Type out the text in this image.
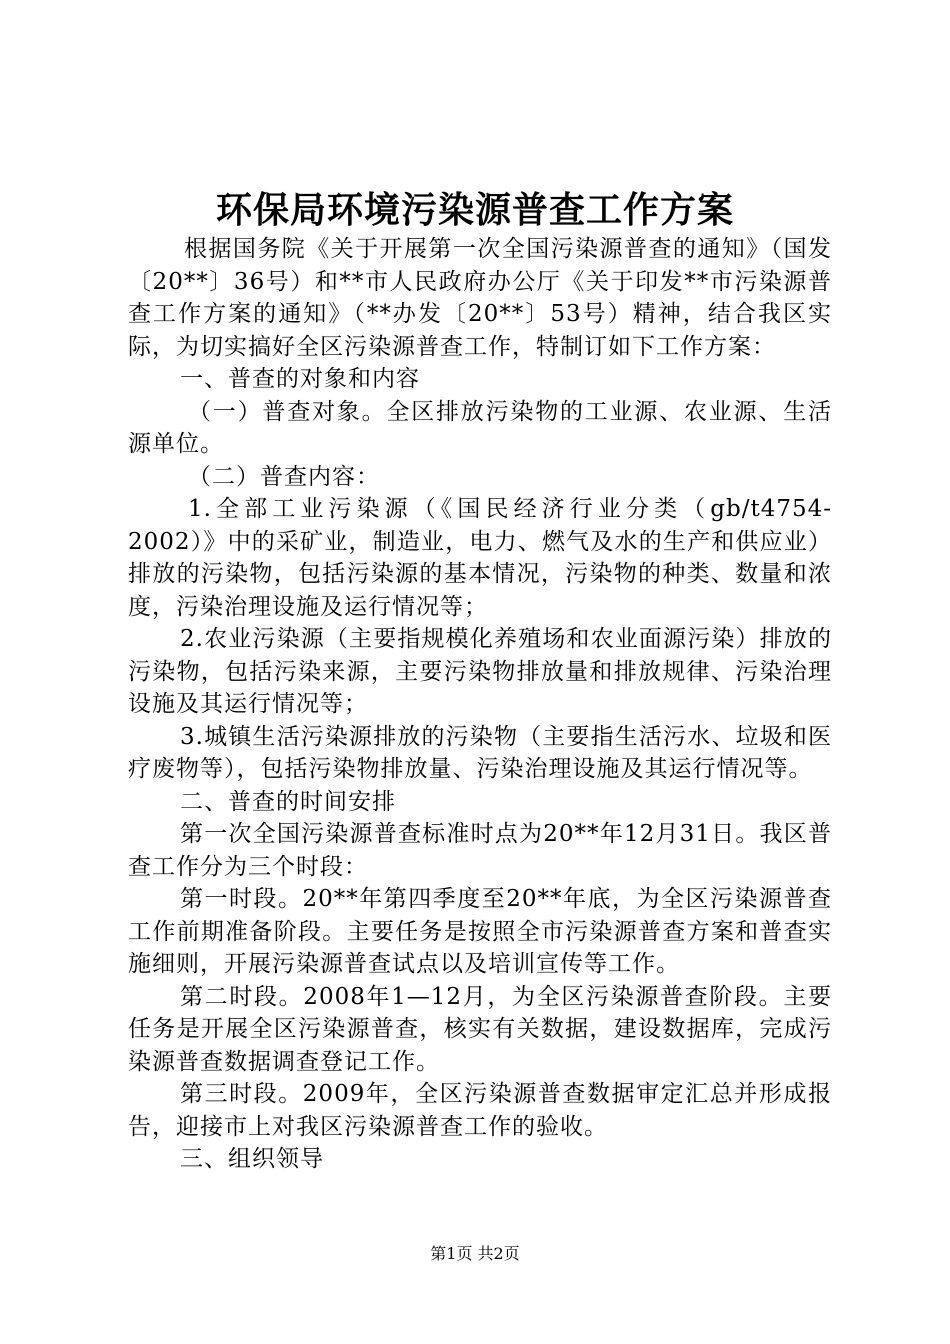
环保局环境污染源普查工作方案

根据国务院《关于开展第一次全国污染源普查的通知》（国发〔20**〕36号）和**市人民政府办公厅《关于印发**市污染源普查工作方案的通知》（**办发〔20**〕53号）精神，结合我区实际，为切实搞好全区污染源普查工作，特制订如下工作方案：

一、普查的对象和内容

（一）普查对象。全区排放污染物的工业源、农业源、生活源单位。

（二）普查内容：

1.全部工业污染源（《国民经济行业分类（gb/t4754-2002）》中的采矿业，制造业，电力、燃气及水的生产和供应业）排放的污染物，包括污染源的基本情况，污染物的种类、数量和浓度，污染治理设施及运行情况等；

2.农业污染源（主要指规模化养殖场和农业面源污染）排放的污染物，包括污染来源，主要污染物排放量和排放规律、污染治理设施及其运行情况等；

3.城镇生活污染源排放的污染物（主要指生活污水、垃圾和医疗废物等），包括污染物排放量、污染治理设施及其运行情况等。

二、普查的时间安排

第一次全国污染源普查标准时点为20**年12月31日。我区普查工作分为三个时段：

第一时段。20**年第四季度至20**年底，为全区污染源普查工作前期准备阶段。主要任务是按照全市污染源普查方案和普查实施细则，开展污染源普查试点以及培训宣传等工作。

第二时段。2008年1—12月，为全区污染源普查阶段。主要任务是开展全区污染源普查，核实有关数据，建设数据库，完成污染源普查数据调查登记工作。

第三时段。2009年，全区污染源普查数据审定汇总并形成报告，迎接市上对我区污染源普查工作的验收。

三、组织领导

第1页 共2页
